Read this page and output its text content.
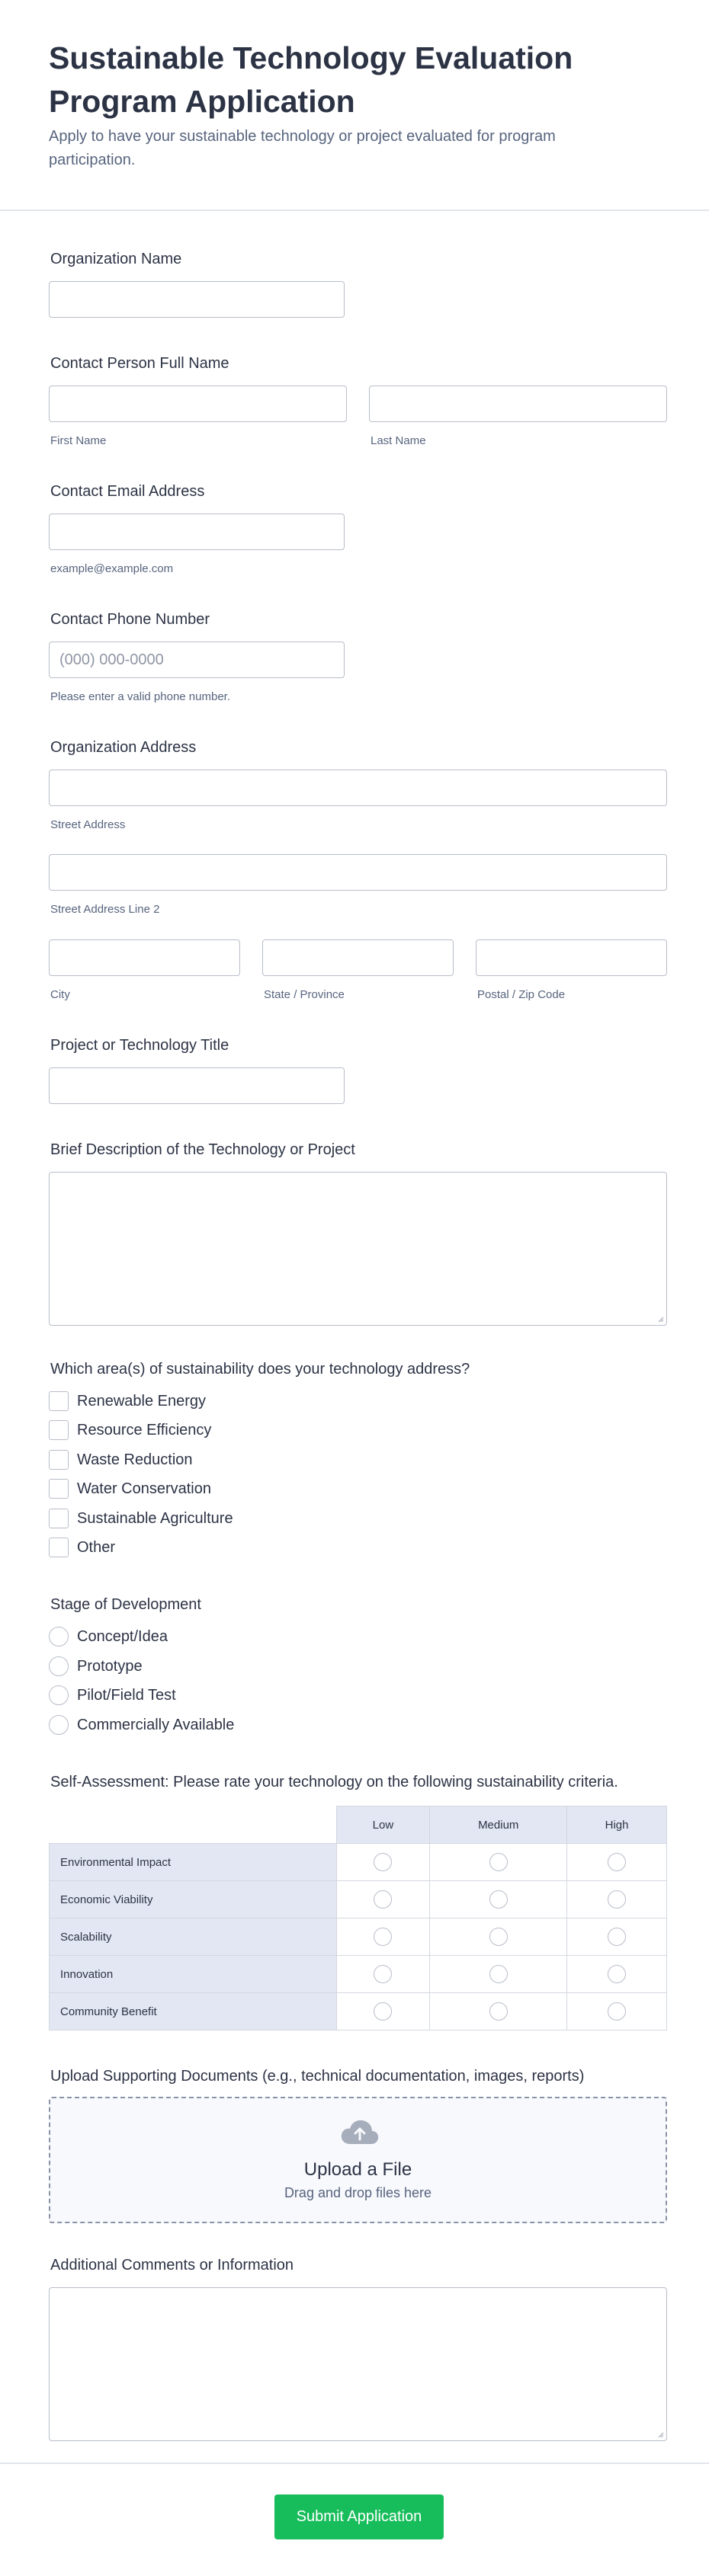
Sustainable Technology Evaluation Program Application

Apply to have your sustainable technology or project evaluated for program participation.

Organization Name
Contact Person Full Name
First Name	Last Name
Contact Email Address
example@example.com
Contact Phone Number
(000) 000-0000
Please enter a valid phone number.
Organization Address
Street Address
Street Address Line 2
City	State / Province	Postal / Zip Code
Project or Technology Title
Brief Description of the Technology or Project
Which area(s) of sustainability does your technology address?
Renewable Energy
Resource Efficiency
Waste Reduction
Water Conservation
Sustainable Agriculture
Other
Stage of Development
Concept/Idea
Prototype
Pilot/Field Test
Commercially Available
Self-Assessment: Please rate your technology on the following sustainability criteria.
	Low	Medium	High
Environmental Impact			
Economic Viability			
Scalability			
Innovation			
Community Benefit			
Upload Supporting Documents (e.g., technical documentation, images, reports)
Upload a File
Drag and drop files here
Additional Comments or Information
Submit Application
